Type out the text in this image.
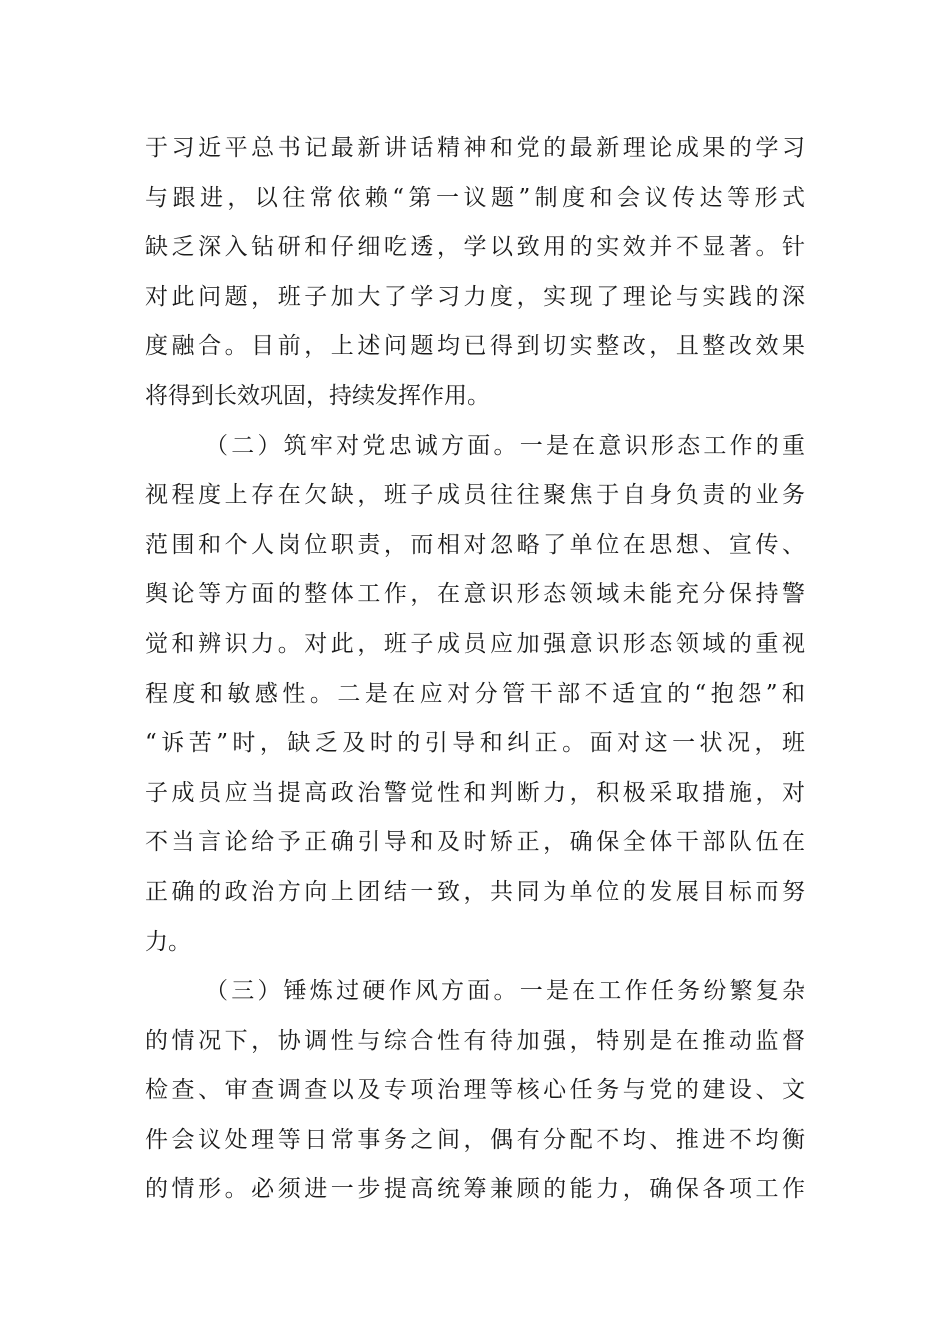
于习近平总书记最新讲话精神和党的最新理论成果的学习
与跟进，以往常依赖“第一议题”制度和会议传达等形式
缺乏深入钻研和仔细吃透，学以致用的实效并不显著。针
对此问题，班子加大了学习力度，实现了理论与实践的深
度融合。目前，上述问题均已得到切实整改，且整改效果
将得到长效巩固，持续发挥作用。
（二）筑牢对党忠诚方面。一是在意识形态工作的重
视程度上存在欠缺，班子成员往往聚焦于自身负责的业务
范围和个人岗位职责，而相对忽略了单位在思想、宣传、
舆论等方面的整体工作，在意识形态领域未能充分保持警
觉和辨识力。对此，班子成员应加强意识形态领域的重视
程度和敏感性。二是在应对分管干部不适宜的“抱怨”和
“诉苦”时，缺乏及时的引导和纠正。面对这一状况，班
子成员应当提高政治警觉性和判断力，积极采取措施，对
不当言论给予正确引导和及时矫正，确保全体干部队伍在
正确的政治方向上团结一致，共同为单位的发展目标而努
力。
（三）锤炼过硬作风方面。一是在工作任务纷繁复杂
的情况下，协调性与综合性有待加强，特别是在推动监督
检查、审查调查以及专项治理等核心任务与党的建设、文
件会议处理等日常事务之间，偶有分配不均、推进不均衡
的情形。必须进一步提高统筹兼顾的能力，确保各项工作
